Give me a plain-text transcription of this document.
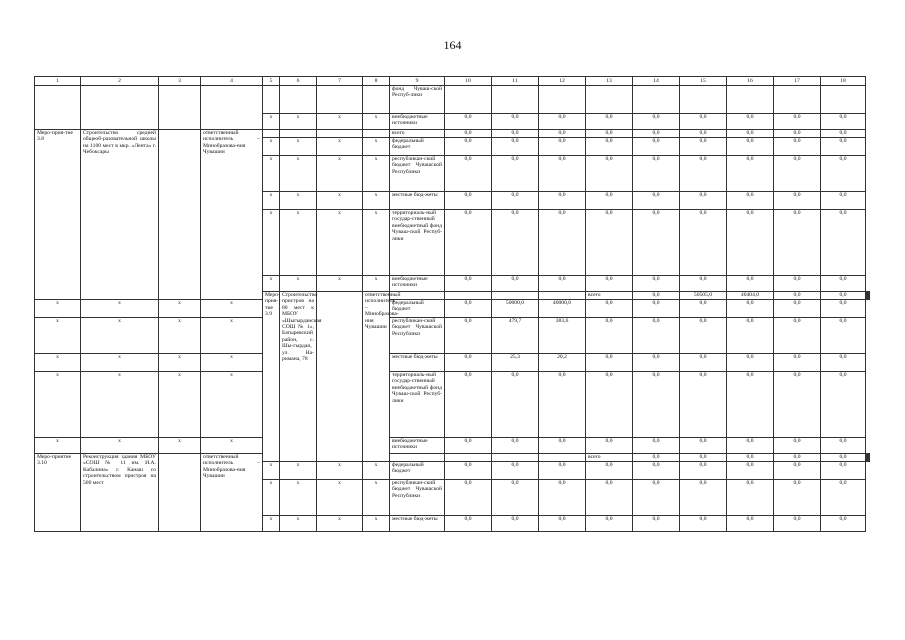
164
1	2	3	4	5	6	7	8	9	10	11	12	13	14	15	16	17	18		
								фонд Чуваш-ской Респуб-лики											
				х	х	х	х	внебюджетные источники	0,0	0,0	0,0	0,0	0,0	0,0	0,0	0,0	0,0		
Меро-прия-тие 3.8	Строительство средней общеоб-разовательной школы на 1100 мест в мкр. «Лента» г. Чебоксары		ответственный исполнитель – Минобразова-ния Чувашии					всего	0,0	0,0	0,0	0,0	0,0	0,0	0,0	0,0	0,0		
				х	х	х	х	федеральный бюджет	0,0	0,0	0,0	0,0	0,0	0,0	0,0	0,0	0,0		
				х	х	х	х	республикан-ский бюджет Чувашской Республики	0,0	0,0	0,0	0,0	0,0	0,0	0,0	0,0	0,0		
				х	х	х	х	местные бюд-жеты	0,0	0,0	0,0	0,0	0,0	0,0	0,0	0,0	0,0		
				х	х	х	х	территориаль-ный государ-ственный внебюджетный фонд Чуваш-ской Респуб-лики	0,0	0,0	0,0	0,0	0,0	0,0	0,0	0,0	0,0		
				х	х	х	х	внебюджетные источники	0,0	0,0	0,0	0,0	0,0	0,0	0,0	0,0	0,0		
				Меро-прия-тие 3.9	Строительство пристроя на 80 мест к МБОУ «Шыгырданская СОШ № 1», Батыревский район, с. Шы-гырдан, ул. На-римана, 78		ответственный исполнитель – Минобразова-ния Чувашии					всего	0,0	50505,0	40404,0	0,0	0,0				
х	х	х	х					федеральный бюджет	0,0	50000,0	40000,0	0,0	0,0	0,0	0,0	0,0	0,0		
х	х	х	х					республикан-ский бюджет Чувашской Республики	0,0	479,7	383,6	0,0	0,0	0,0	0,0	0,0	0,0		
х	х	х	х					местные бюд-жеты	0,0	25,3	20,2	0,0	0,0	0,0	0,0	0,0	0,0		
х	х	х	х					территориаль-ный государ-ственный внебюджетный фонд Чуваш-ской Респуб-лики	0,0	0,0	0,0	0,0	0,0	0,0	0,0	0,0	0,0		
х	х	х	х					внебюджетные источники	0,0	0,0	0,0	0,0	0,0	0,0	0,0	0,0	0,0		
Меро-приятие 3.10	Реконструкция здания МБОУ «СОШ № 11 им. И.А. Кабалина» г. Канаш со строительством пристроя на 500 мест		ответственный исполнитель – Минобразова-ния Чувашии									всего	0,0	0,0	0,0	0,0	0,0				
				х	х	х	х	федеральный бюджет	0,0	0,0	0,0	0,0	0,0	0,0	0,0	0,0	0,0		
				х	х	х	х	республикан-ский бюджет Чувашской Республики	0,0	0,0	0,0	0,0	0,0	0,0	0,0	0,0	0,0		
				х	х	х	х	местные бюд-жеты	0,0	0,0	0,0	0,0	0,0	0,0	0,0	0,0	0,0		
